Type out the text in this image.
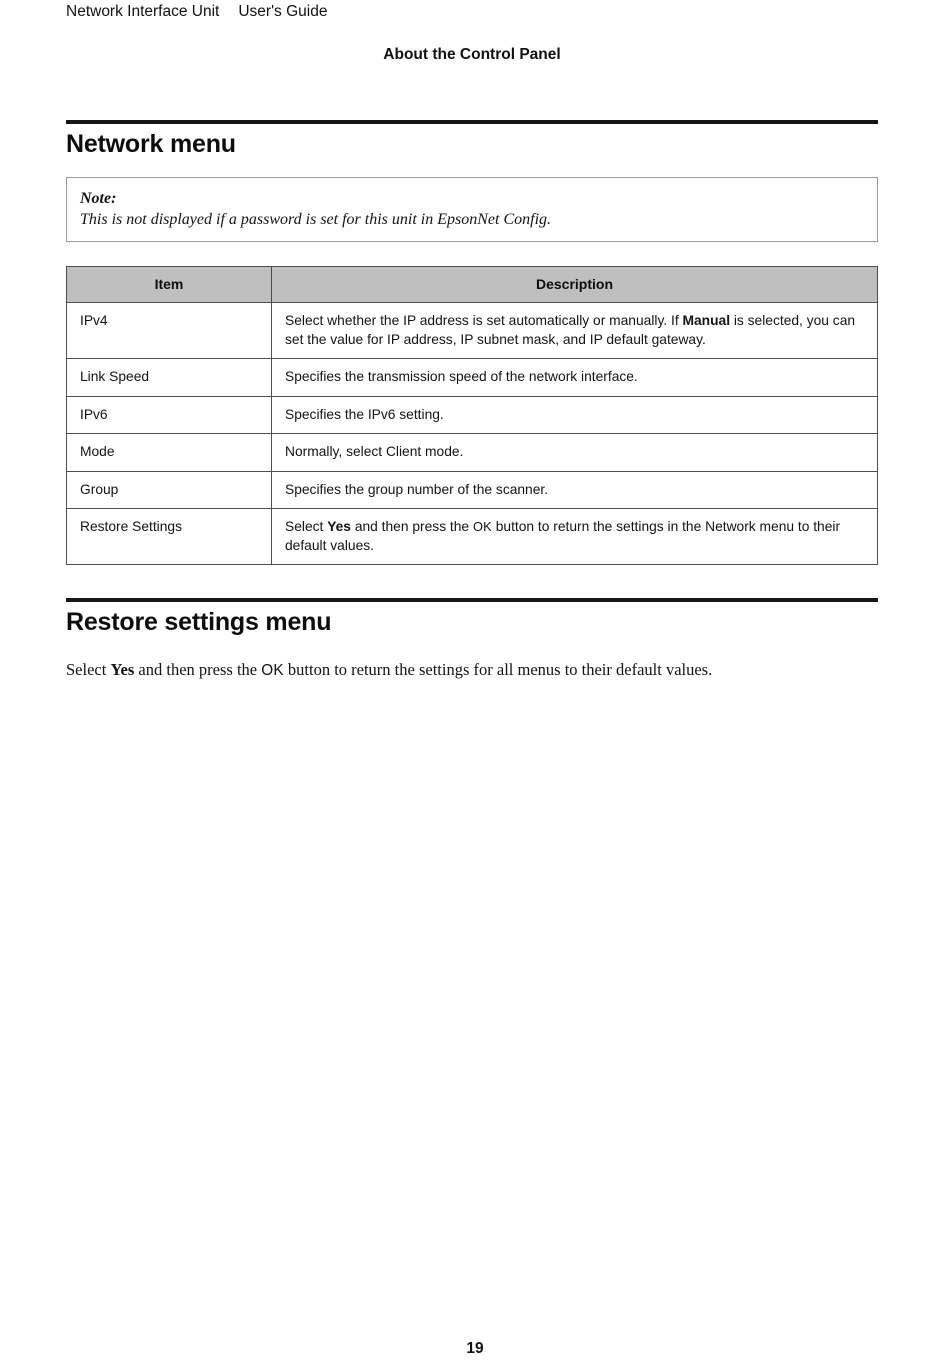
Network Interface Unit User's Guide
About the Control Panel
Network menu
Note:
This is not displayed if a password is set for this unit in EpsonNet Config.
Item	Description
IPv4	Select whether the IP address is set automatically or manually. If Manual is selected, you can set the value for IP address, IP subnet mask, and IP default gateway.
Link Speed	Specifies the transmission speed of the network interface.
IPv6	Specifies the IPv6 setting.
Mode	Normally, select Client mode.
Group	Specifies the group number of the scanner.
Restore Settings	Select Yes and then press the OK button to return the settings in the Network menu to their default values.
Restore settings menu

Select Yes and then press the OK button to return the settings for all menus to their default values.

19
